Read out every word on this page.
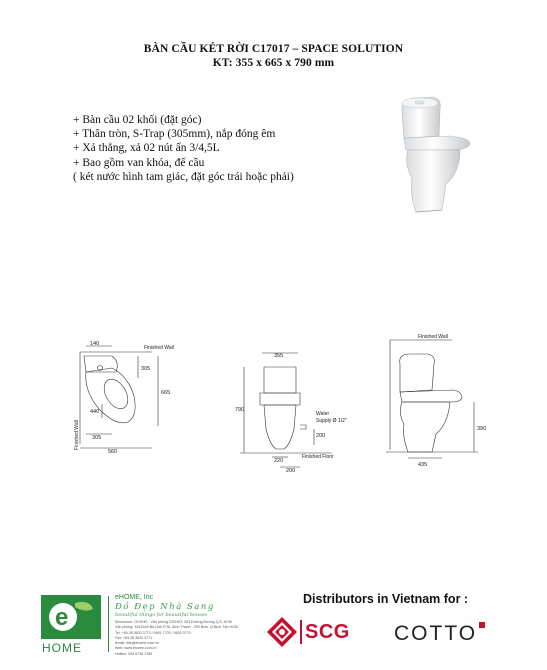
BÀN CẦU KÉT RỜI C17017 – SPACE SOLUTION
KT: 355 x 665 x 790 mm
+ Bàn cầu 02 khối (đặt góc)
+ Thân tròn, S-Trap (305mm), nắp đóng êm
+ Xả thẳng, xả 02 nút ấn 3/4,5L
+ Bao gồm van khóa, đế cầu
( két nước hình tam giác, đặt góc trái hoặc phải)
140
Finished Wall
305
665
440
305
560
Finished Wall
355
790
Water
Supply Ø 1/2"
200
220
200
Finished Floor
Finished Wall
390
435
e
HOME
eHOME, Inc
Đồ Đẹp Nhà Sang
beautiful things for beautiful houses
Showroom: OCEHO - Văn phòng OCEHO, 203 Đường Đường Q.5, HCM
Văn phòng: 104 Đinh Bộ Lĩnh P.26, Bình Thạnh - 293 Bình, Q.Bình Tân HCM
Tel: +84 28 3620 3773 / 0901 7703 / 3620 3770
Fax: +84 28 3620 3771
Email: info@ehome.com.vn
Web: www.ehome.com.vn
Hotline: 094 5736 1789
Distributors in Vietnam for :
SCG COTTO
